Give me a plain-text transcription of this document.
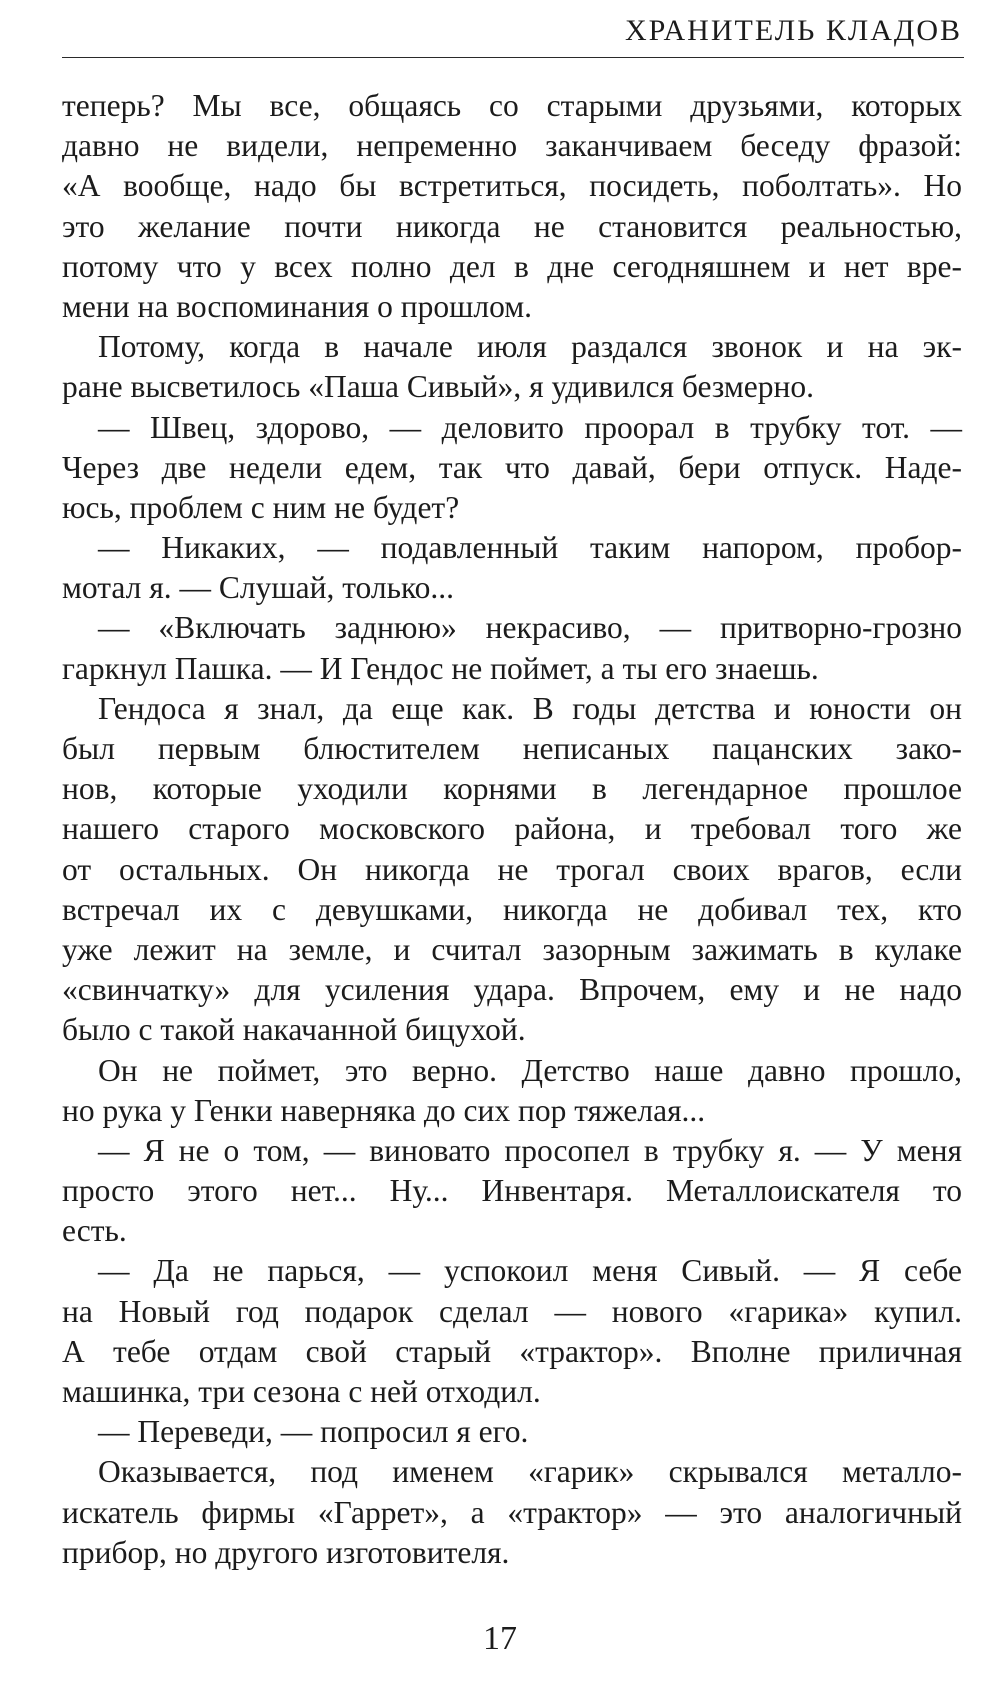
ХРАНИТЕЛЬ КЛАДОВ
теперь? Мы все, общаясь со старыми друзьями, которых
давно не видели, непременно заканчиваем беседу фразой:
«А вообще, надо бы встретиться, посидеть, поболтать». Но
это желание почти никогда не становится реальностью,
потому что у всех полно дел в дне сегодняшнем и нет вре-
мени на воспоминания о прошлом.
Потому, когда в начале июля раздался звонок и на эк-
ране высветилось «Паша Сивый», я удивился безмерно.
— Швец, здорово, — деловито проорал в трубку тот. —
Через две недели едем, так что давай, бери отпуск. Наде-
юсь, проблем с ним не будет?
— Никаких, — подавленный таким напором, пробор-
мотал я. — Слушай, только...
— «Включать заднюю» некрасиво, — притворно-грозно
гаркнул Пашка. — И Гендос не поймет, а ты его знаешь.
Гендоса я знал, да еще как. В годы детства и юности он
был первым блюстителем неписаных пацанских зако-
нов, которые уходили корнями в легендарное прошлое
нашего старого московского района, и требовал того же
от остальных. Он никогда не трогал своих врагов, если
встречал их с девушками, никогда не добивал тех, кто
уже лежит на земле, и считал зазорным зажимать в кулаке
«свинчатку» для усиления удара. Впрочем, ему и не надо
было с такой накачанной бицухой.
Он не поймет, это верно. Детство наше давно прошло,
но рука у Генки наверняка до сих пор тяжелая...
— Я не о том, — виновато просопел в трубку я. — У меня
просто этого нет... Ну... Инвентаря. Металлоискателя то
есть.
— Да не парься, — успокоил меня Сивый. — Я себе
на Новый год подарок сделал — нового «гарика» купил.
А тебе отдам свой старый «трактор». Вполне приличная
машинка, три сезона с ней отходил.
— Переведи, — попросил я его.
Оказывается, под именем «гарик» скрывался металло-
искатель фирмы «Гаррет», а «трактор» — это аналогичный
прибор, но другого изготовителя.
17
